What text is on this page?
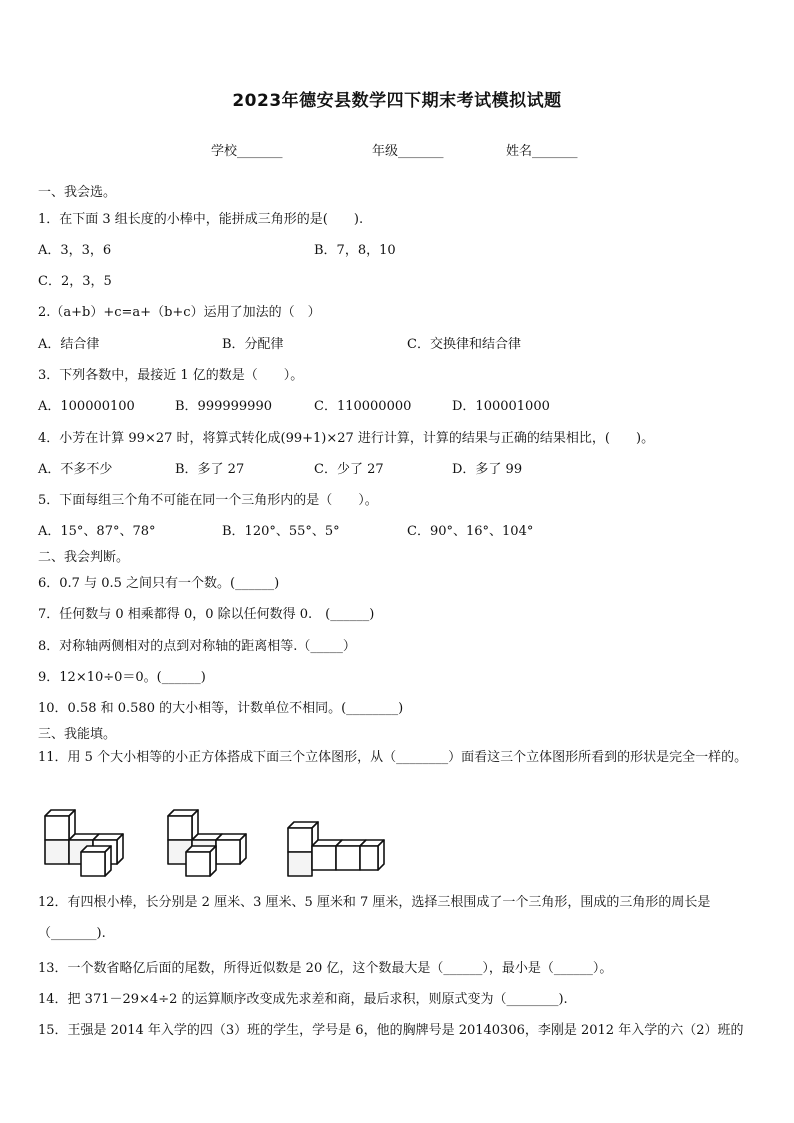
2023年德安县数学四下期末考试模拟试题
学校_______	年级_______	姓名_______
一、我会选。
1．在下面 3 组长度的小棒中，能拼成三角形的是(　　).
A．3，3，6	B．7，8，10
C．2，3，5
2.（a+b）+c=a+（b+c）运用了加法的（　）
A．结合律	B．分配律	C．交换律和结合律
3．下列各数中，最接近 1 亿的数是（　　）。
A．100000100	B．999999990	C．110000000	D．100001000
4．小芳在计算 99×27 时，将算式转化成(99+1)×27 进行计算，计算的结果与正确的结果相比，(　　)。
A．不多不少	B．多了 27	C．少了 27	D．多了 99
5．下面每组三个角不可能在同一个三角形内的是（　　）。
A．15°、87°、78°	B．120°、55°、5°	C．90°、16°、104°
二、我会判断。
6．0.7 与 0.5 之间只有一个数。(______)
7．任何数与 0 相乘都得 0，0 除以任何数得 0.　(______)
8．对称轴两侧相对的点到对称轴的距离相等.（_____）
9．12×10÷0＝0。(______)
10．0.58 和 0.580 的大小相等，计数单位不相同。(________)
三、我能填。
11．用 5 个大小相等的小正方体搭成下面三个立体图形，从（________）面看这三个立体图形所看到的形状是完全一样的。
12．有四根小棒，长分别是 2 厘米、3 厘米、5 厘米和 7 厘米，选择三根围成了一个三角形，围成的三角形的周长是（_______).
13．一个数省略亿后面的尾数，所得近似数是 20 亿，这个数最大是（______），最小是（______）。
14．把 371－29×4÷2 的运算顺序改变成先求差和商，最后求积，则原式变为（________).
15．王强是 2014 年入学的四（3）班的学生，学号是 6，他的胸牌号是 20140306，李刚是 2012 年入学的六（2）班的
